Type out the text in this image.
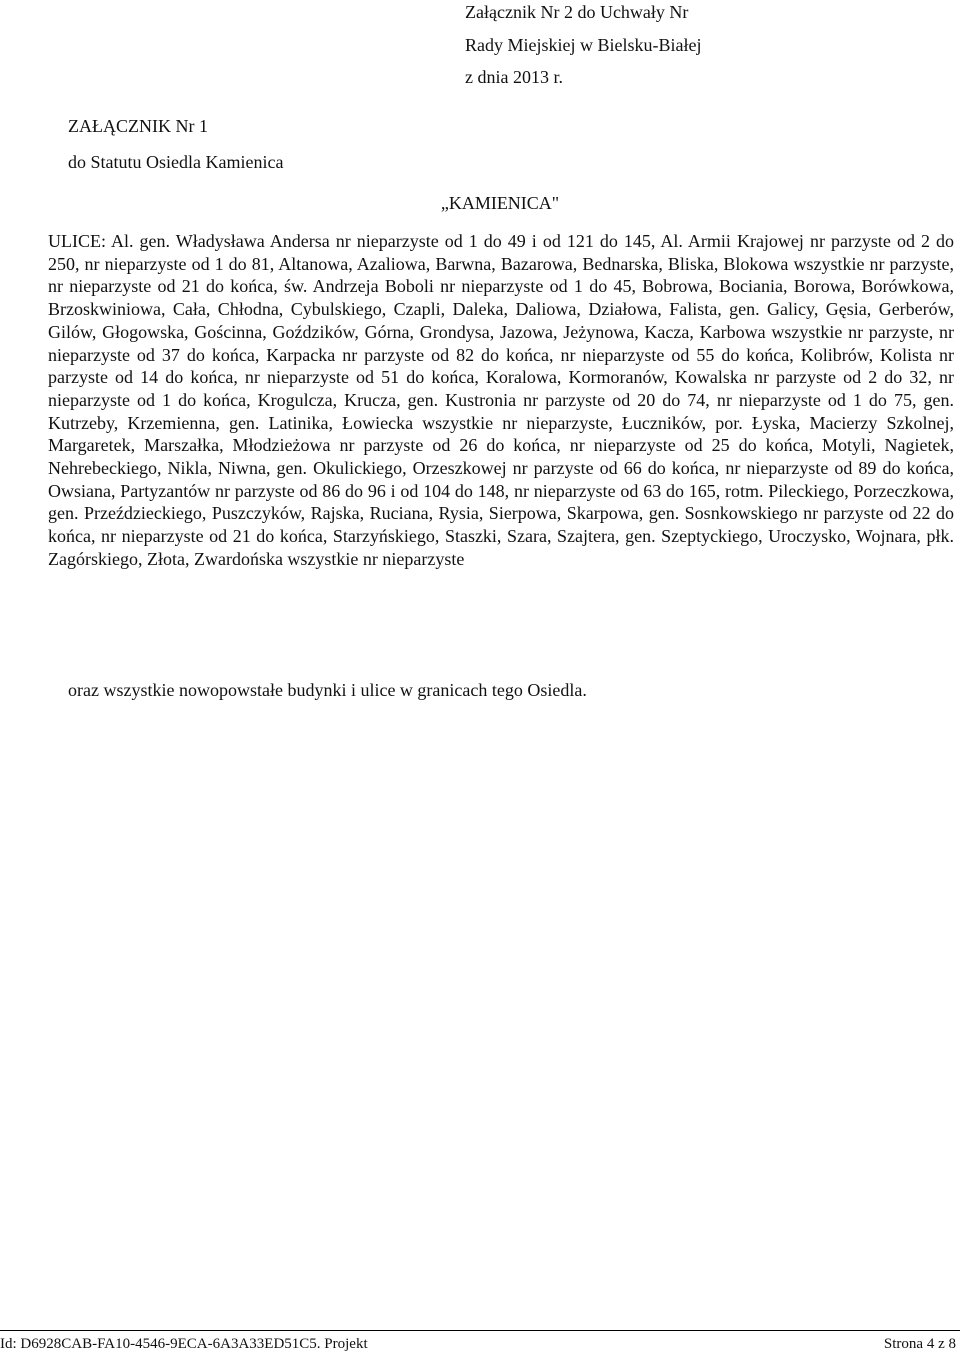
Załącznik Nr 2 do Uchwały Nr
Rady Miejskiej w Bielsku-Białej
z dnia 2013 r.
ZAŁĄCZNIK Nr 1
do Statutu Osiedla Kamienica
„KAMIENICA"

ULICE: Al. gen. Władysława Andersa nr nieparzyste od 1 do 49 i od 121 do 145, Al. Armii Krajowej nr parzyste od 2 do 250, nr nieparzyste od 1 do 81, Altanowa, Azaliowa, Barwna, Bazarowa, Bednarska, Bliska, Blokowa wszystkie nr parzyste, nr nieparzyste od 21 do końca, św. Andrzeja Boboli nr nieparzyste od 1 do 45, Bobrowa, Bociania, Borowa, Borówkowa, Brzoskwiniowa, Cała, Chłodna, Cybulskiego, Czapli, Daleka, Daliowa, Działowa, Falista, gen. Galicy, Gęsia, Gerberów, Gilów, Głogowska, Gościnna, Goździków, Górna, Grondysa, Jazowa, Jeżynowa, Kacza, Karbowa wszystkie nr parzyste, nr nieparzyste od 37 do końca, Karpacka nr parzyste od 82 do końca, nr nieparzyste od 55 do końca, Kolibrów, Kolista nr parzyste od 14 do końca, nr nieparzyste od 51 do końca, Koralowa, Kormoranów, Kowalska nr parzyste od 2 do 32, nr nieparzyste od 1 do końca, Krogulcza, Krucza, gen. Kustronia nr parzyste od 20 do 74, nr nieparzyste od 1 do 75, gen. Kutrzeby, Krzemienna, gen. Latinika, Łowiecka wszystkie nr nieparzyste, Łuczników, por. Łyska, Macierzy Szkolnej, Margaretek, Marszałka, Młodzieżowa nr parzyste od 26 do końca, nr nieparzyste od 25 do końca, Motyli, Nagietek, Nehrebeckiego, Nikla, Niwna, gen. Okulickiego, Orzeszkowej nr parzyste od 66 do końca, nr nieparzyste od 89 do końca, Owsiana, Partyzantów nr parzyste od 86 do 96 i od 104 do 148, nr nieparzyste od 63 do 165, rotm. Pileckiego, Porzeczkowa, gen. Przeździeckiego, Puszczyków, Rajska, Ruciana, Rysia, Sierpowa, Skarpowa, gen. Sosnkowskiego nr parzyste od 22 do końca, nr nieparzyste od 21 do końca, Starzyńskiego, Staszki, Szara, Szajtera, gen. Szeptyckiego, Uroczysko, Wojnara, płk. Zagórskiego, Złota, Zwardońska wszystkie nr nieparzyste

oraz wszystkie nowopowstałe budynki i ulice w granicach tego Osiedla.
Id: D6928CAB-FA10-4546-9ECA-6A3A33ED51C5. Projekt	Strona 4 z 8
